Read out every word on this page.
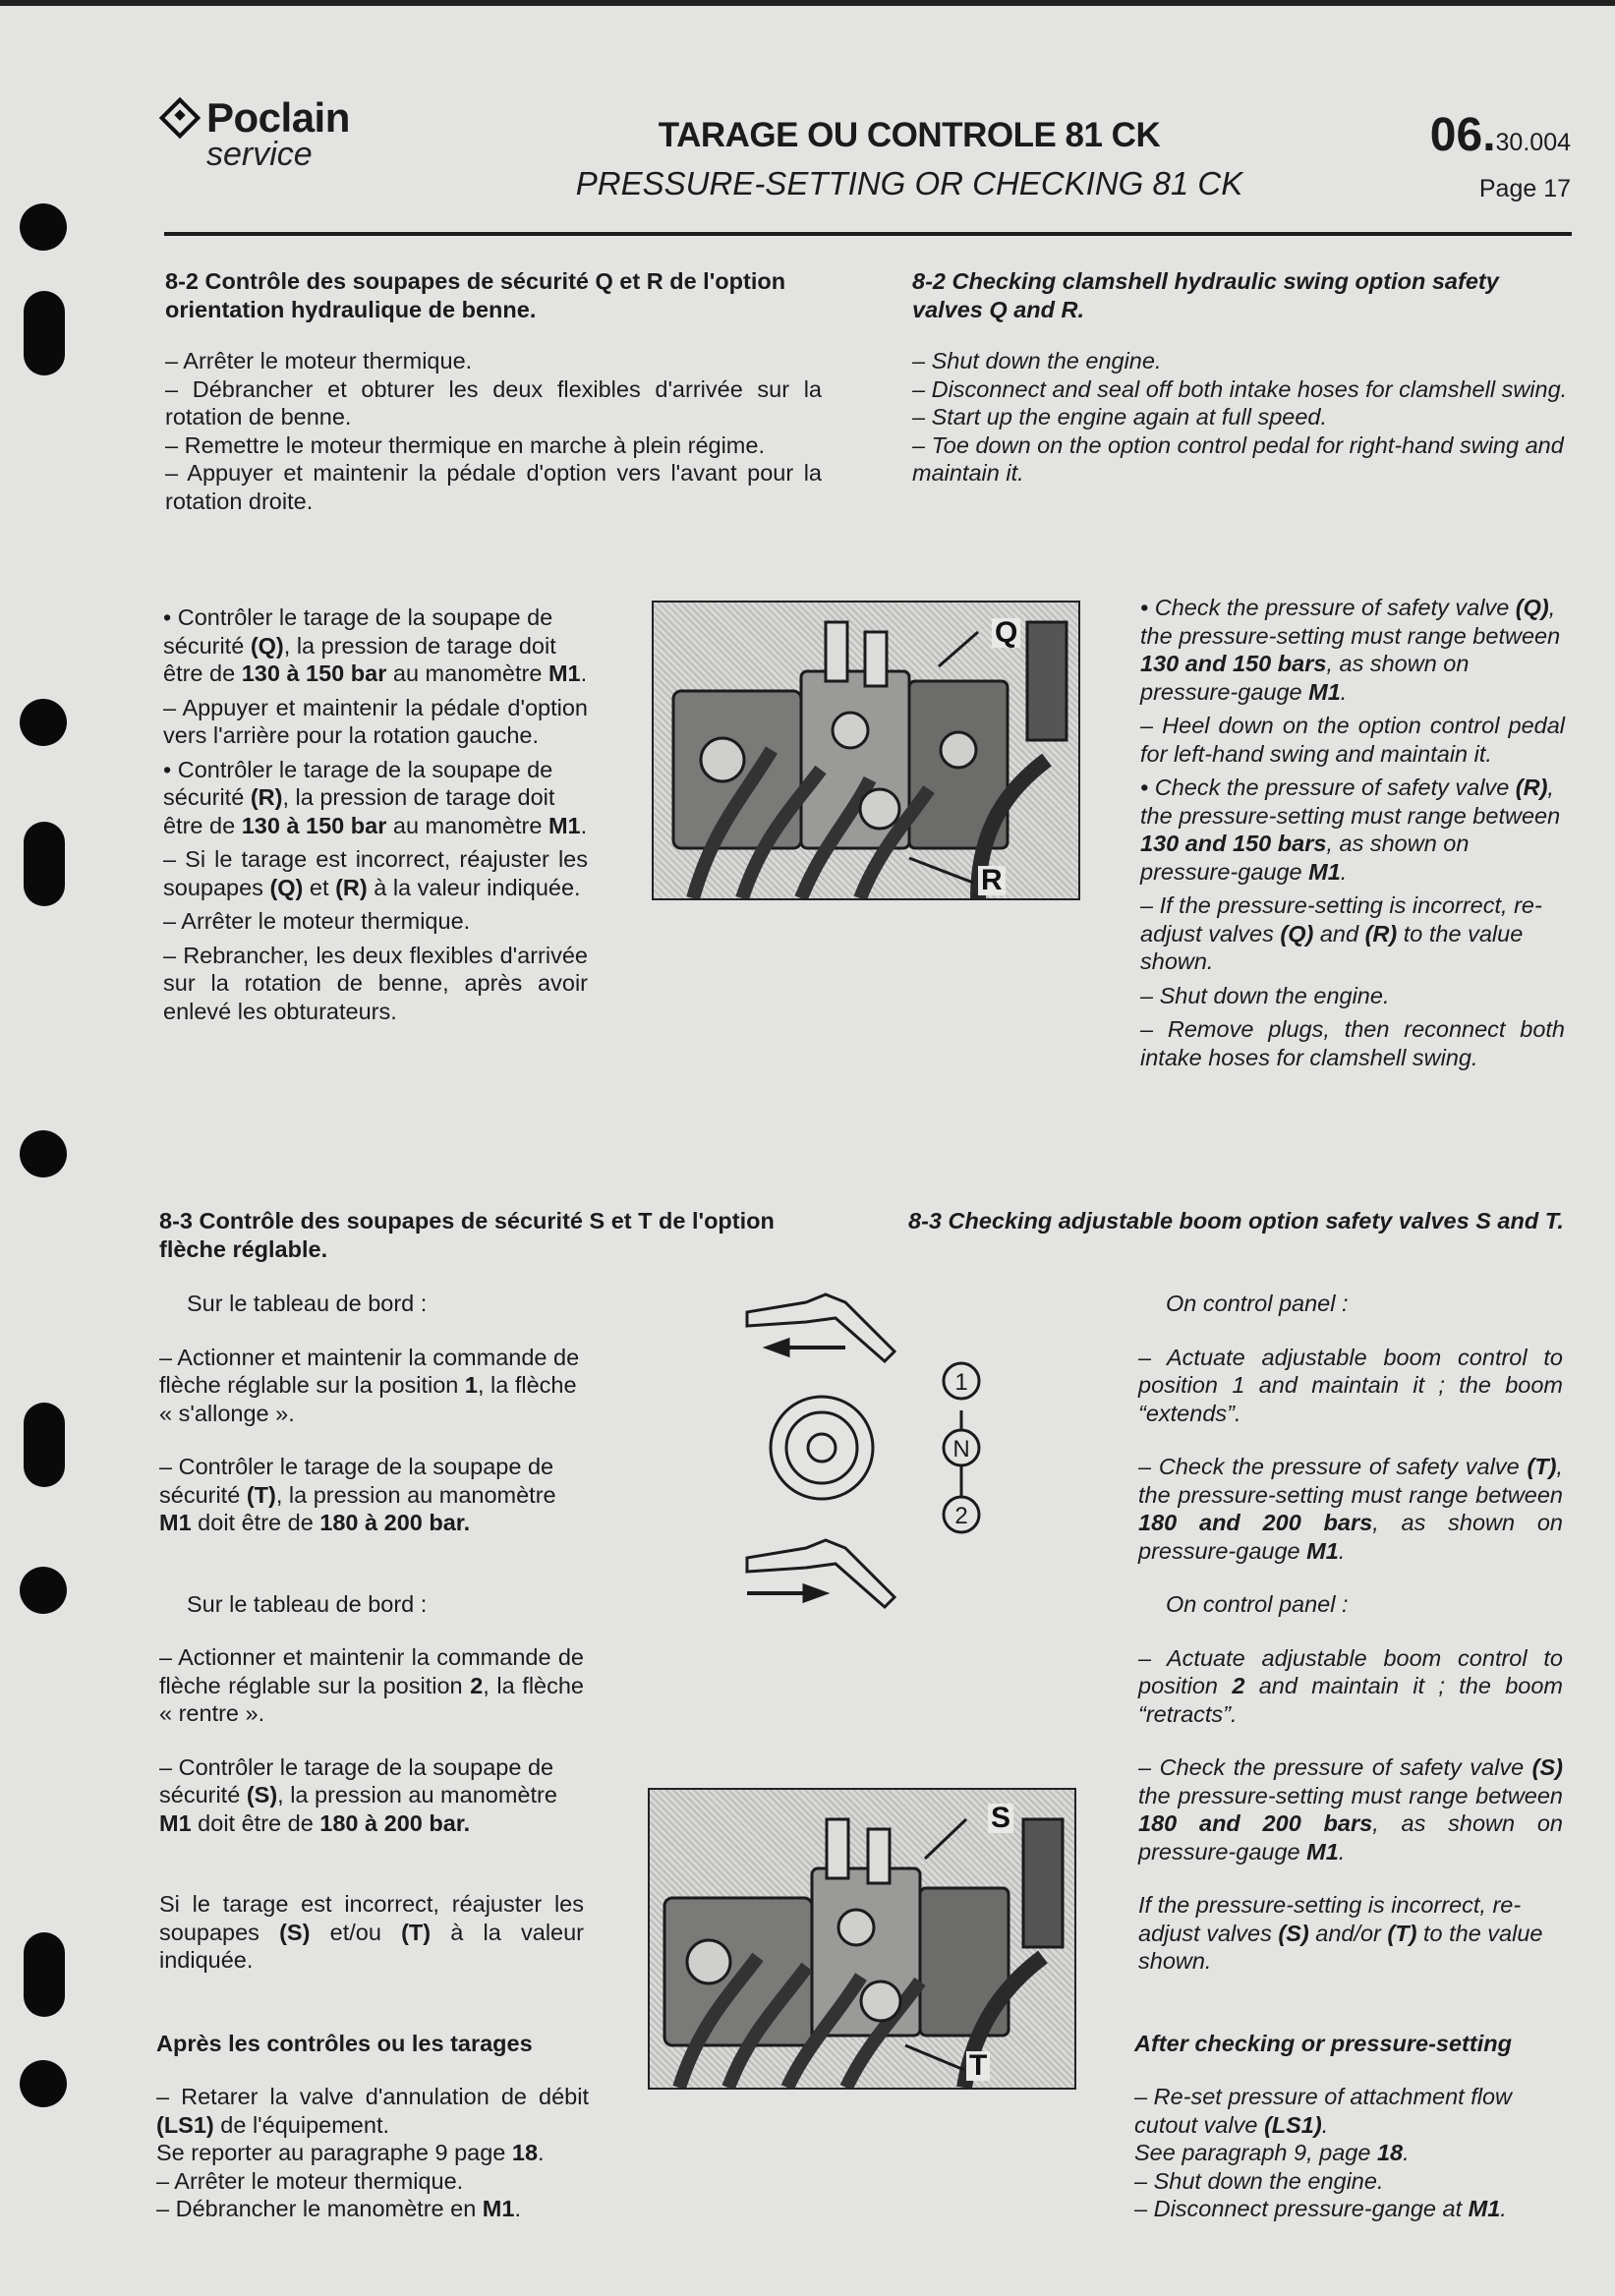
Poclain
service	TARAGE OU CONTROLE 81 CK
PRESSURE-SETTING OR CHECKING 81 CK
06.30.004
Page 17
8-2 Contrôle des soupapes de sécurité Q et R de l'option orientation hydraulique de benne.
8-2 Checking clamshell hydraulic swing option safety valves Q and R.

– Arrêter le moteur thermique.

– Débrancher et obturer les deux flexibles d'arrivée sur la rotation de benne.

– Remettre le moteur thermique en marche à plein régime.

– Appuyer et maintenir la pédale d'option vers l'avant pour la rotation droite.

– Shut down the engine.

– Disconnect and seal off both intake hoses for clamshell swing.

– Start up the engine again at full speed.

– Toe down on the option control pedal for right-hand swing and maintain it.

• Contrôler le tarage de la soupape de sécurité (Q), la pression de tarage doit être de 130 à 150 bar au manomètre M1.

– Appuyer et maintenir la pédale d'option vers l'arrière pour la rotation gauche.

• Contrôler le tarage de la soupape de sécurité (R), la pression de tarage doit être de 130 à 150 bar au manomètre M1.

– Si le tarage est incorrect, réajuster les soupapes (Q) et (R) à la valeur indiquée.

– Arrêter le moteur thermique.

– Rebrancher, les deux flexibles d'arrivée sur la rotation de benne, après avoir enlevé les obturateurs.

Q
R

• Check the pressure of safety valve (Q), the pressure-setting must range between 130 and 150 bars, as shown on pressure-gauge M1.

– Heel down on the option control pedal for left-hand swing and maintain it.

• Check the pressure of safety valve (R), the pressure-setting must range between 130 and 150 bars, as shown on pressure-gauge M1.

– If the pressure-setting is incorrect, re-adjust valves (Q) and (R) to the value shown.

– Shut down the engine.

– Remove plugs, then reconnect both intake hoses for clamshell swing.

8-3 Contrôle des soupapes de sécurité S et T de l'option flèche réglable.
8-3 Checking adjustable boom option safety valves S and T.

Sur le tableau de bord :

– Actionner et maintenir la commande de flèche réglable sur la position 1, la flèche « s'allonge ».

– Contrôler le tarage de la soupape de sécurité (T), la pression au manomètre M1 doit être de 180 à 200 bar.

Sur le tableau de bord :

– Actionner et maintenir la commande de flèche réglable sur la position 2, la flèche « rentre ».

– Contrôler le tarage de la soupape de sécurité (S), la pression au manomètre M1 doit être de 180 à 200 bar.

Si le tarage est incorrect, réajuster les soupapes (S) et/ou (T) à la valeur indiquée.

1
N
2
S
T

On control panel :

– Actuate adjustable boom control to position 1 and maintain it ; the boom “extends”.

– Check the pressure of safety valve (T), the pressure-setting must range between 180 and 200 bars, as shown on pressure-gauge M1.

On control panel :

– Actuate adjustable boom control to position 2 and maintain it ; the boom “retracts”.

– Check the pressure of safety valve (S) the pressure-setting must range between 180 and 200 bars, as shown on pressure-gauge M1.

If the pressure-setting is incorrect, re-adjust valves (S) and/or (T) to the value shown.

Après les contrôles ou les tarages	After checking or pressure-setting

– Retarer la valve d'annulation de débit (LS1) de l'équipement.

Se reporter au paragraphe 9 page 18.

– Arrêter le moteur thermique.

– Débrancher le manomètre en M1.

– Re-set pressure of attachment flow cutout valve (LS1).

See paragraph 9, page 18.

– Shut down the engine.

– Disconnect pressure-gange at M1.
